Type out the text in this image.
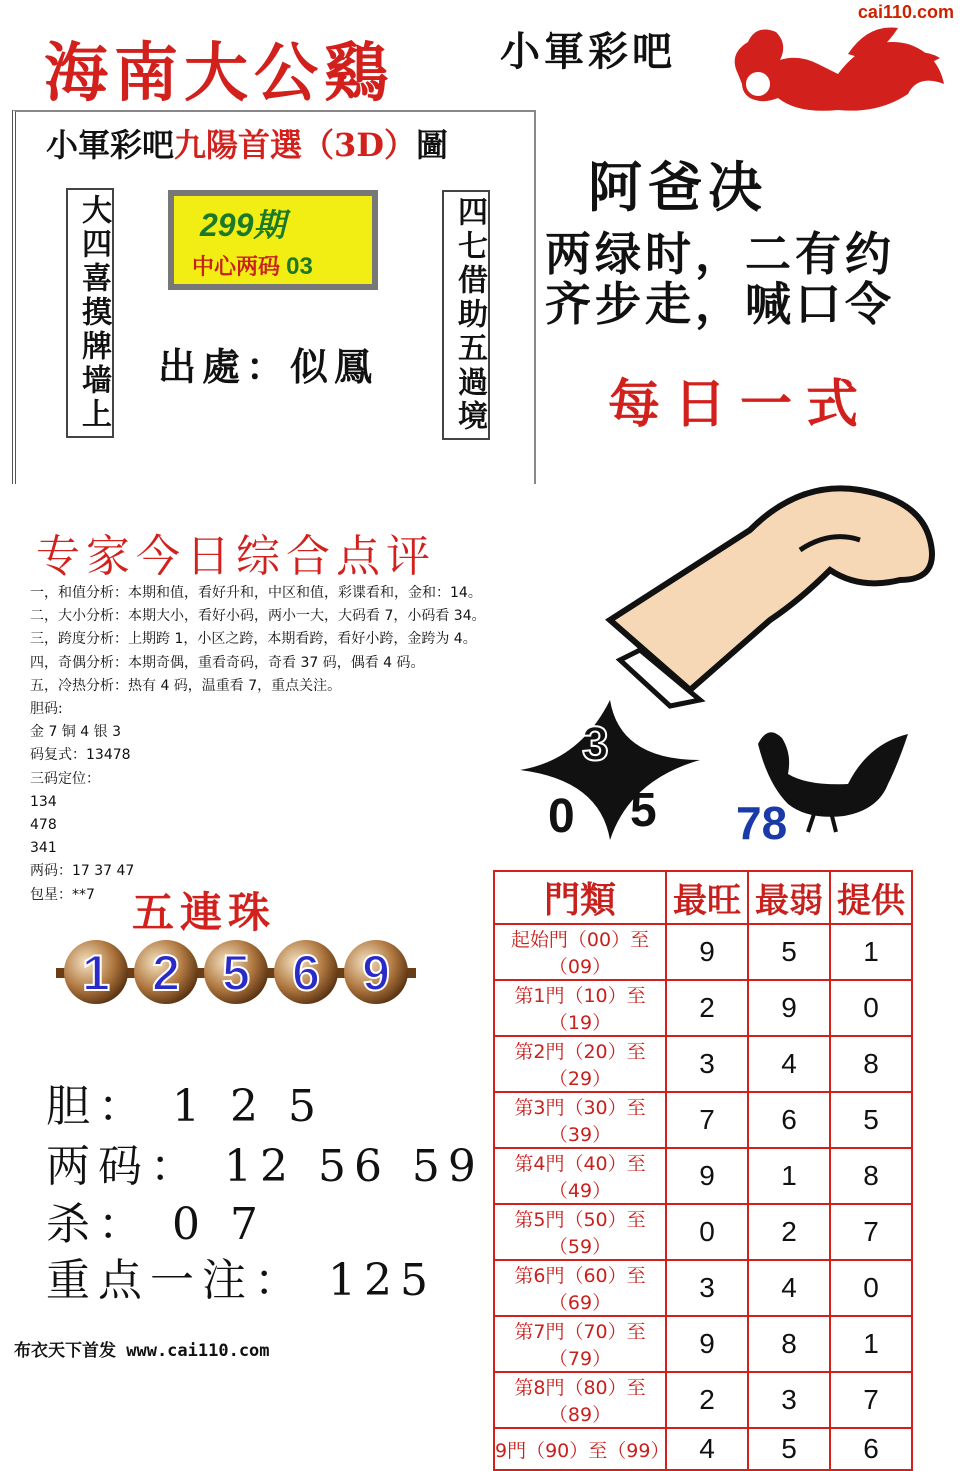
cai110.com
海南大公鷄	小軍彩吧
小軍彩吧九陽首選（3D）圖
大四喜摸牌墙上	四七借助五過境
299期
中心两码 03
出處：似鳳
阿爸决
两绿时，二有约
齐步走，喊口令
每日一式
3
0 5 78
专家今日综合点评
一，和值分析：本期和值，看好升和，中区和值，彩谍看和，金和：14。
二，大小分析：本期大小，看好小码，两小一大，大码看 7，小码看 34。
三，跨度分析：上期跨 1，小区之跨，本期看跨，看好小跨，金跨为 4。
四，奇偶分析：本期奇偶，重看奇码，奇看 37 码，偶看 4 码。
五，冷热分析：热有 4 码，温重看 7，重点关注。
胆码:
金 7 铜 4 银 3
码复式：13478
三码定位：
134
478
341
两码：17 37 47
包星：**7 五連珠
1 2 5 6 9
胆： 1 2 5
两码： 12 56 59
杀： 0 7
重点一注： 125
門類	最旺	最弱	提供
起始門（00）至（09）	9	5	1
第1門（10）至（19）	2	9	0
第2門（20）至（29）	3	4	8
第3門（30）至（39）	7	6	5
第4門（40）至（49）	9	1	8
第5門（50）至（59）	0	2	7
第6門（60）至（69）	3	4	0
第7門（70）至（79）	9	8	1
第8門（80）至（89）	2	3	7
9門（90）至（99）	4	5	6
布衣天下首发 www.cai110.com
